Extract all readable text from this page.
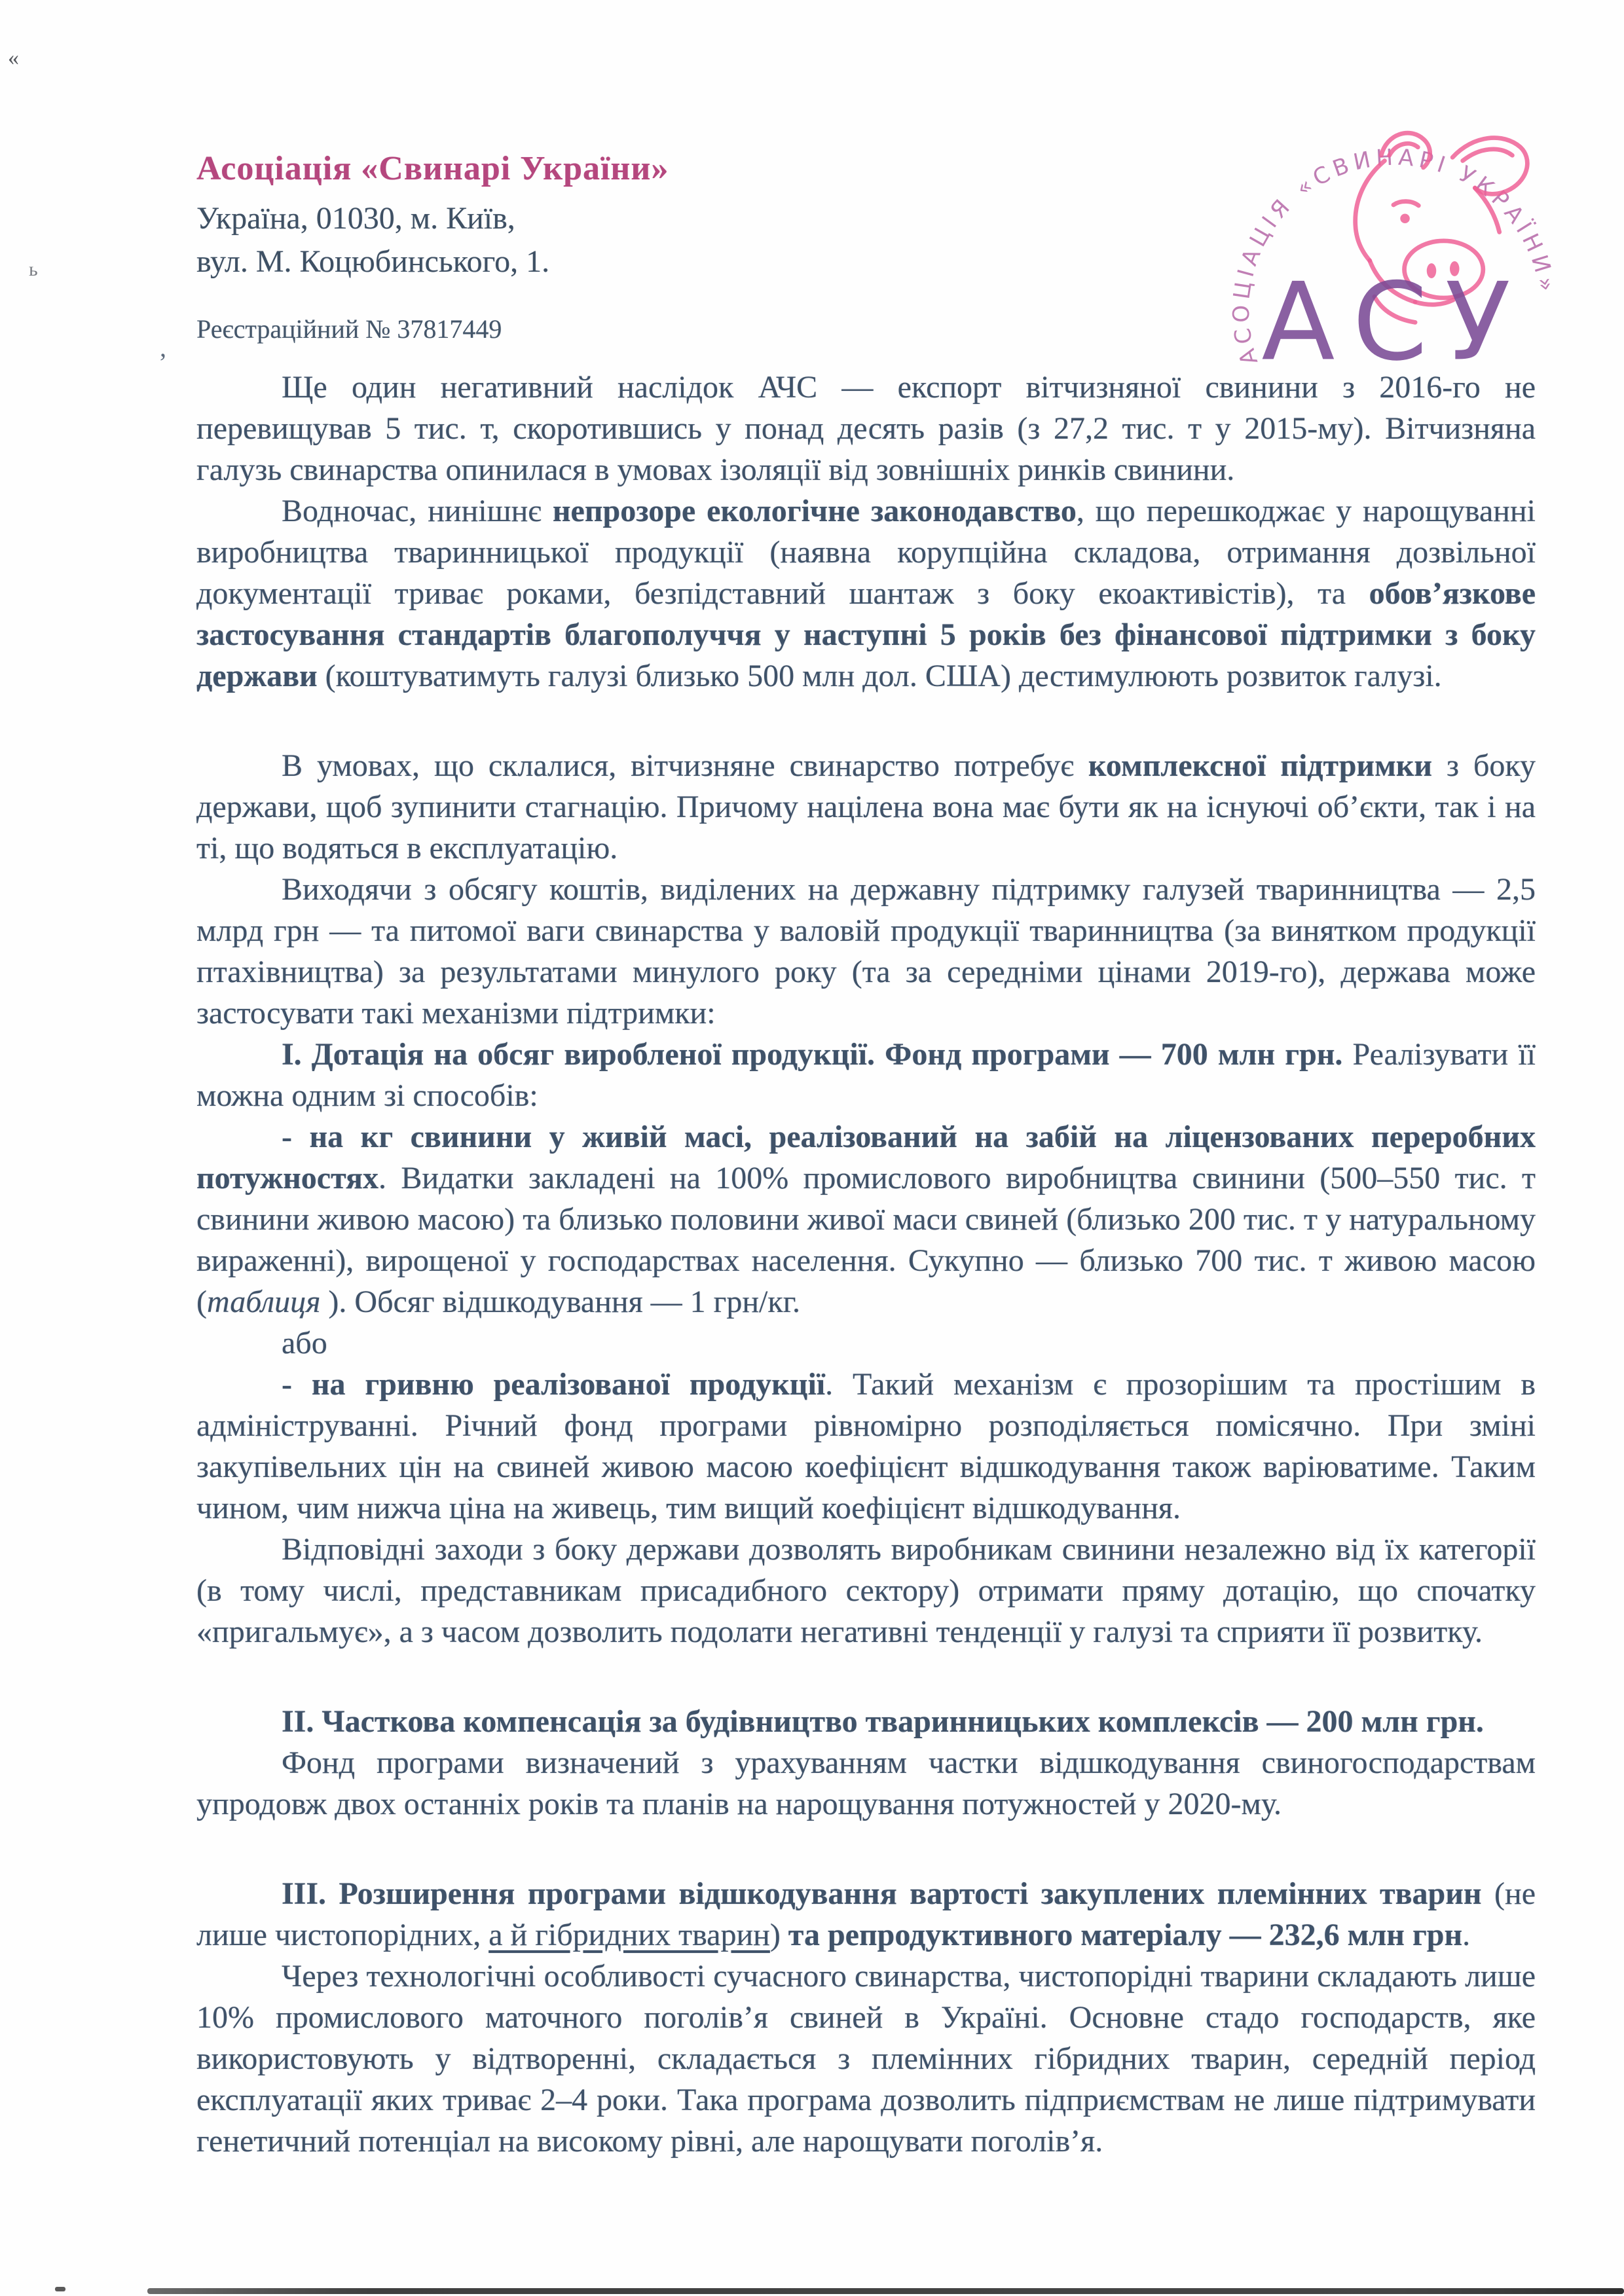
Асоціація «Свинарі України»
Україна, 01030, м. Київ,
вул. М. Коцюбинського, 1.
Реєстраційний № 37817449
АСОЦІАЦІЯ «СВИНАРІ УКРАЇНИ»
АСУ

Ще один негативний наслідок АЧС — експорт вітчизняної свинини з 2016-го не перевищував 5 тис. т, скоротившись у понад десять разів (з 27,2 тис. т у 2015-му). Вітчизняна галузь свинарства опинилася в умовах ізоляції від зовнішніх ринків свинини.

Водночас, нинішнє непрозоре екологічне законодавство, що перешкоджає у нарощуванні виробництва тваринницької продукції (наявна корупційна складова, отримання дозвільної документації триває роками, безпідставний шантаж з боку екоактивістів), та обов’язкове застосування стандартів благополуччя у наступні 5 років без фінансової підтримки з боку держави (коштуватимуть галузі близько 500 млн дол. США) дестимулюють розвиток галузі.

В умовах, що склалися, вітчизняне свинарство потребує комплексної підтримки з боку держави, щоб зупинити стагнацію. Причому націлена вона має бути як на існуючі об’єкти, так і на ті, що водяться в експлуатацію.

Виходячи з обсягу коштів, виділених на державну підтримку галузей тваринництва — 2,5 млрд грн — та питомої ваги свинарства у валовій продукції тваринництва (за винятком продукції птахівництва) за результатами минулого року (та за середніми цінами 2019-го), держава може застосувати такі механізми підтримки:

І. Дотація на обсяг виробленої продукції. Фонд програми — 700 млн грн. Реалізувати її можна одним зі способів:

- на кг свинини у живій масі, реалізований на забій на ліцензованих переробних потужностях. Видатки закладені на 100% промислового виробництва свинини (500–550 тис. т свинини живою масою) та близько половини живої маси свиней (близько 200 тис. т у натуральному вираженні), вирощеної у господарствах населення. Сукупно — близько 700 тис. т живою масою (таблиця ). Обсяг відшкодування — 1 грн/кг.

або

- на гривню реалізованої продукції. Такий механізм є прозорішим та простішим в адмініструванні. Річний фонд програми рівномірно розподіляється помісячно. При зміні закупівельних цін на свиней живою масою коефіцієнт відшкодування також варіюватиме. Таким чином, чим нижча ціна на живець, тим вищий коефіцієнт відшкодування.

Відповідні заходи з боку держави дозволять виробникам свинини незалежно від їх категорії (в тому числі, представникам присадибного сектору) отримати пряму дотацію, що спочатку «пригальмує», а з часом дозволить подолати негативні тенденції у галузі та сприяти її розвитку.

ІІ. Часткова компенсація за будівництво тваринницьких комплексів — 200 млн грн.

Фонд програми визначений з урахуванням частки відшкодування свиногосподарствам упродовж двох останніх років та планів на нарощування потужностей у 2020-му.

ІІІ. Розширення програми відшкодування вартості закуплених племінних тварин (не лише чистопорідних, а й гібридних тварин) та репродуктивного матеріалу — 232,6 млн грн.

Через технологічні особливості сучасного свинарства, чистопорідні тварини складають лише 10% промислового маточного поголів’я свиней в Україні. Основне стадо господарств, яке використовують у відтворенні, складається з племінних гібридних тварин, середній період експлуатації яких триває 2–4 роки. Така програма дозволить підприємствам не лише підтримувати генетичний потенціал на високому рівні, але нарощувати поголів’я.

«
ь
’
